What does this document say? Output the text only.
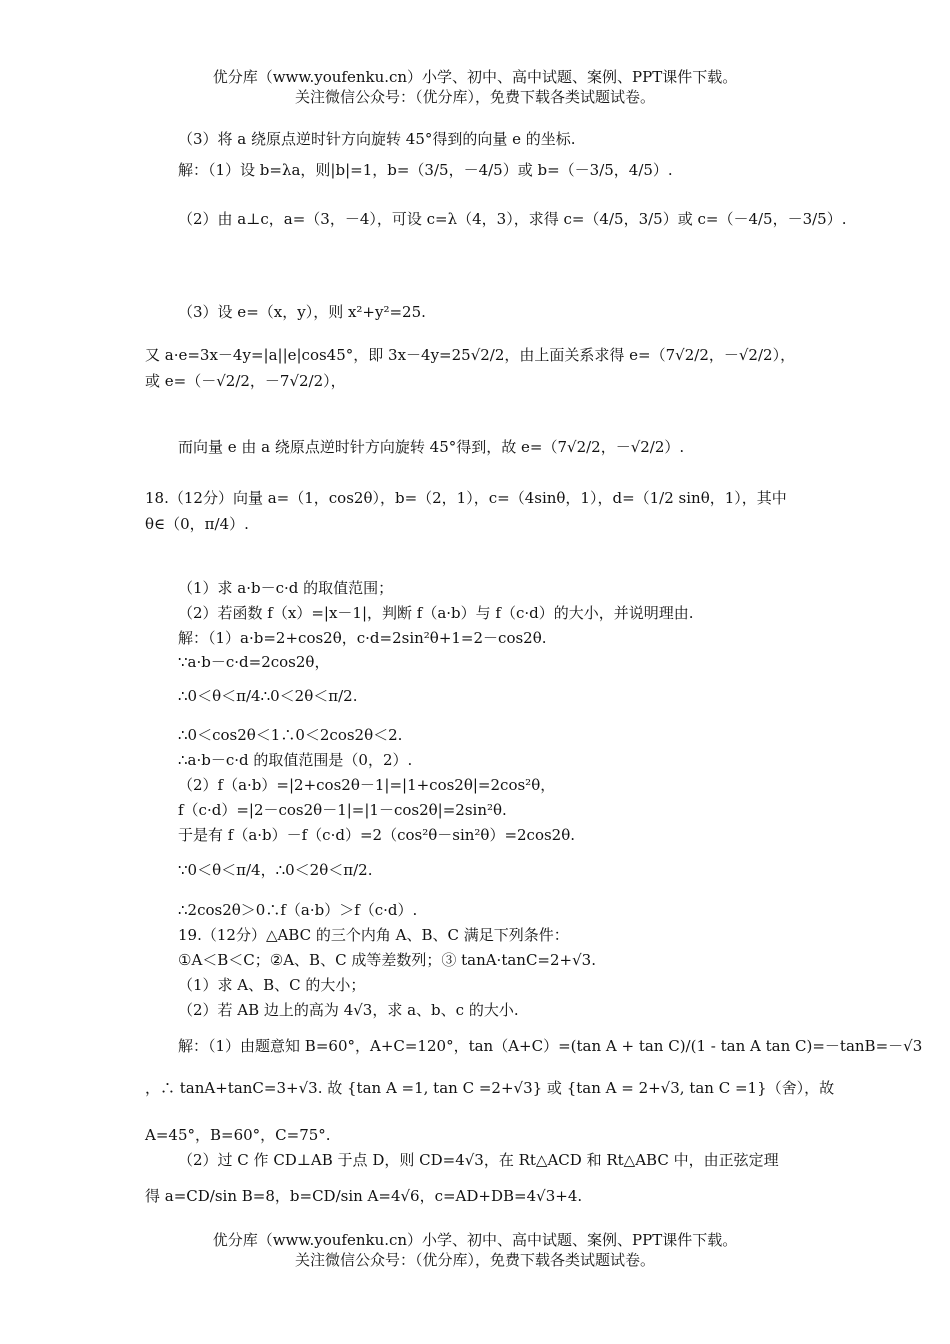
优分库（www.youfenku.cn）小学、初中、高中试题、案例、PPT课件下载。
关注微信公众号：（优分库），免费下载各类试题试卷。
（3）将 a 绕原点逆时针方向旋转 45°得到的向量 e 的坐标.
解：（1）设 b=λa，则|b|=1，b=（3/5，－4/5）或 b=（－3/5，4/5）.
（2）由 a⊥c，a=（3，－4），可设 c=λ（4，3），求得 c=（4/5，3/5）或 c=（－4/5，－3/5）.
（3）设 e=（x，y），则 x²+y²=25.
又 a·e=3x－4y=|a||e|cos45°，即 3x－4y=25√2/2，由上面关系求得 e=（7√2/2，－√2/2），或 e=（－√2/2，－7√2/2），
而向量 e 由 a 绕原点逆时针方向旋转 45°得到，故 e=（7√2/2，－√2/2）.
18.（12分）向量 a=（1，cos2θ），b=（2，1），c=（4sinθ，1），d=（1/2 sinθ，1），其中 θ∈（0，π/4）.
（1）求 a·b－c·d 的取值范围；
（2）若函数 f（x）=|x－1|，判断 f（a·b）与 f（c·d）的大小，并说明理由.
解：（1）a·b=2+cos2θ，c·d=2sin²θ+1=2－cos2θ.
∵a·b－c·d=2cos2θ，
∴0＜θ＜π/4∴0＜2θ＜π/2.
∴0＜cos2θ＜1∴0＜2cos2θ＜2.
∴a·b－c·d 的取值范围是（0，2）.
（2）f（a·b）=|2+cos2θ－1|=|1+cos2θ|=2cos²θ，
f（c·d）=|2－cos2θ－1|=|1－cos2θ|=2sin²θ.
于是有 f（a·b）－f（c·d）=2（cos²θ－sin²θ）=2cos2θ.
∵0＜θ＜π/4，∴0＜2θ＜π/2.
∴2cos2θ＞0∴f（a·b）＞f（c·d）.
19.（12分）△ABC 的三个内角 A、B、C 满足下列条件：
①A＜B＜C；②A、B、C 成等差数列；③ tanA·tanC=2+√3.
（1）求 A、B、C 的大小；
（2）若 AB 边上的高为 4√3，求 a、b、c 的大小.
解：（1）由题意知 B=60°，A+C=120°，tan（A+C）=(tan A + tan C)/(1 - tan A tan C)=－tanB=－√3
，∴ tanA+tanC=3+√3. 故 {tan A =1, tan C =2+√3} 或 {tan A = 2+√3, tan C =1}（舍），故
A=45°，B=60°，C=75°.
（2）过 C 作 CD⊥AB 于点 D，则 CD=4√3，在 Rt△ACD 和 Rt△ABC 中，由正弦定理
得 a=CD/sin B=8，b=CD/sin A=4√6，c=AD+DB=4√3+4.
优分库（www.youfenku.cn）小学、初中、高中试题、案例、PPT课件下载。
关注微信公众号：（优分库），免费下载各类试题试卷。
